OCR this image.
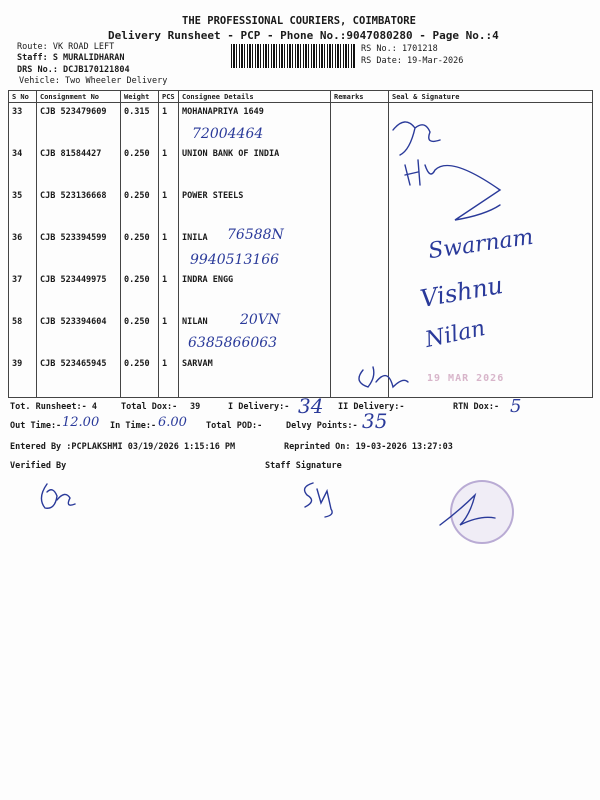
THE PROFESSIONAL COURIERS, COIMBATORE
Delivery Runsheet - PCP - Phone No.:9047080280 - Page No.:4
Route: VK ROAD LEFT
Staff: S MURALIDHARAN
DRS No.: DCJB170121804
Vehicle: Two Wheeler Delivery
RS No.: 1701218
RS Date: 19-Mar-2026
S No	Consignment No	Weight	PCS	Consignee Details	Remarks	Seal & Signature
33	CJB 523479609	0.315	1	MOHANAPRIYA 1649		
34	CJB 81584427	0.250	1	UNION BANK OF INDIA		
35	CJB 523136668	0.250	1	POWER STEELS		
36	CJB 523394599	0.250	1	INILA		
37	CJB 523449975	0.250	1	INDRA ENGG		
58	CJB 523394604	0.250	1	NILAN		
39	CJB 523465945	0.250	1	SARVAM		
72004464
76588N
9940513166
20VN
6385866063
Swarnam
Vishnu
Nilan
19 MAR 2026
Tot. Runsheet:- 4	Total Dox:- 39	I Delivery:- 34 II Delivery:-	RTN Dox:- 5
Out Time:- 12.00 In Time:- 6.00 Total POD:-	Delvy Points:- 35
Entered By :PCPLAKSHMI 03/19/2026 1:15:16 PM	Reprinted On: 19-03-2026 13:27:03
Verified By	Staff Signature
